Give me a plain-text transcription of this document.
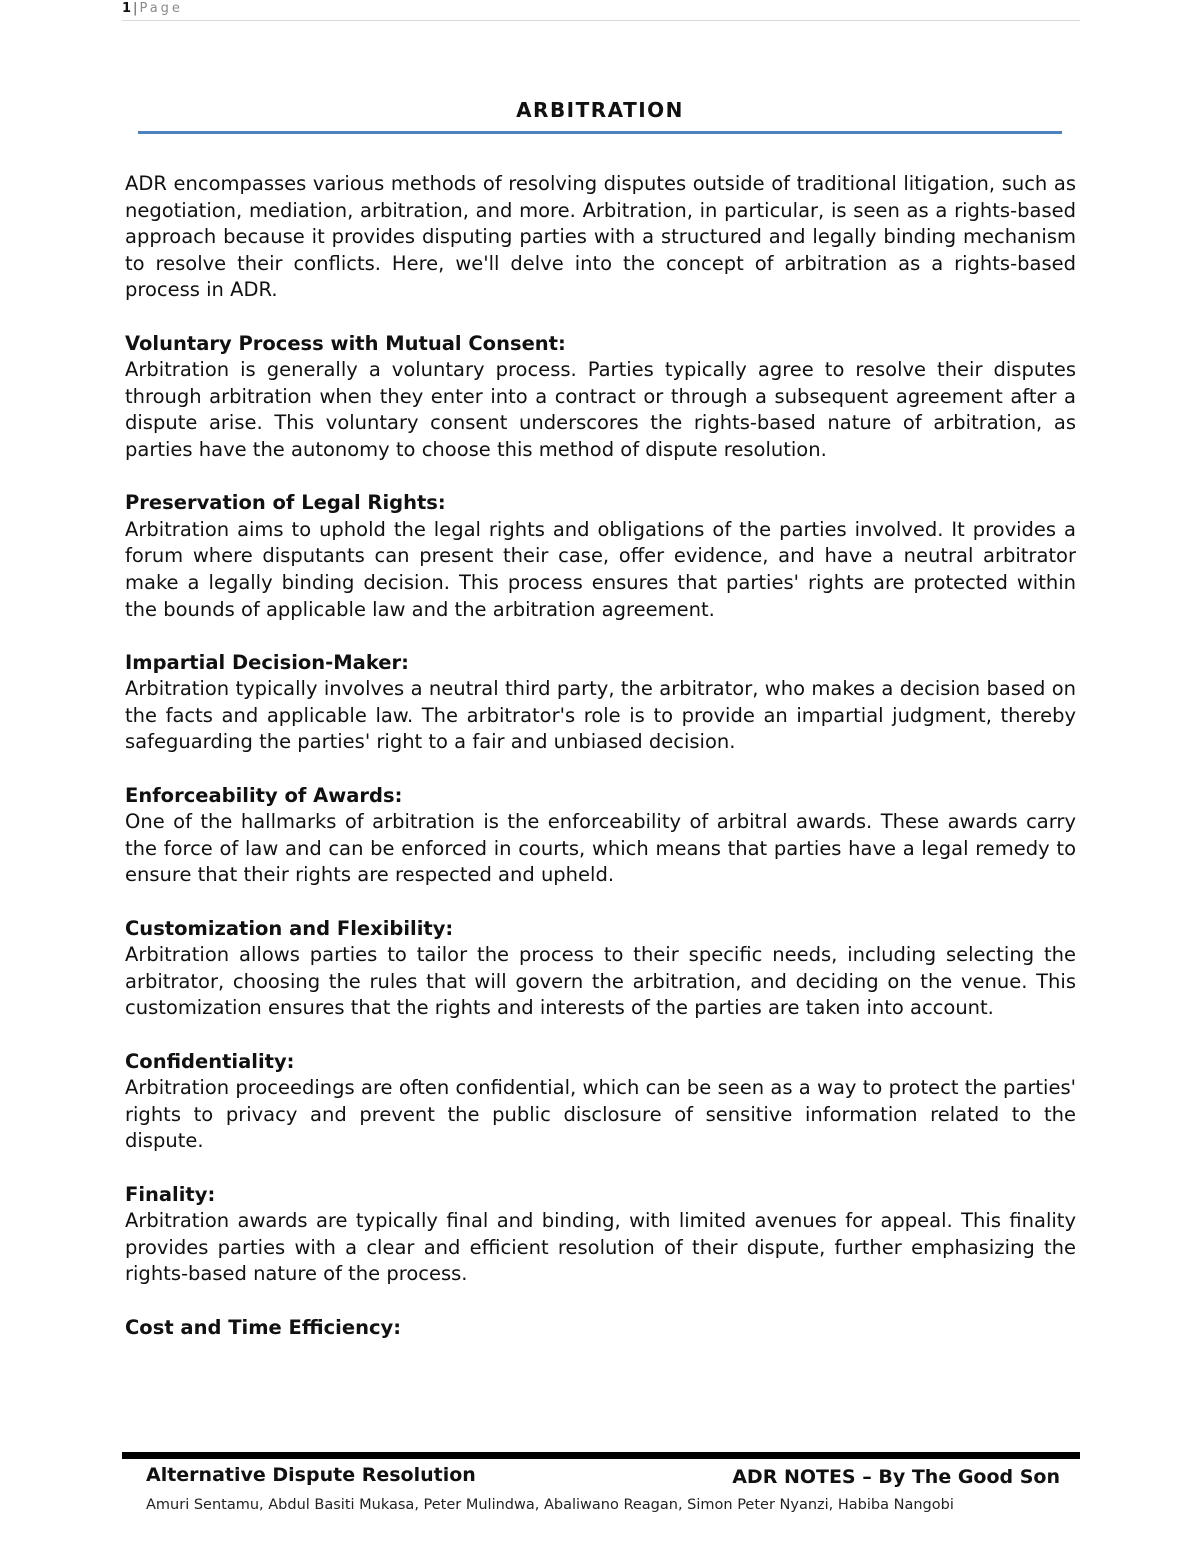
1 | Page
ARBITRATION

ADR encompasses various methods of resolving disputes outside of traditional litigation, such as negotiation, mediation, arbitration, and more. Arbitration, in particular, is seen as a rights-based approach because it provides disputing parties with a structured and legally binding mechanism to resolve their conflicts. Here, we'll delve into the concept of arbitration as a rights-based process in ADR.

Voluntary Process with Mutual Consent:

Arbitration is generally a voluntary process. Parties typically agree to resolve their disputes through arbitration when they enter into a contract or through a subsequent agreement after a dispute arise. This voluntary consent underscores the rights-based nature of arbitration, as parties have the autonomy to choose this method of dispute resolution.

Preservation of Legal Rights:

Arbitration aims to uphold the legal rights and obligations of the parties involved. It provides a forum where disputants can present their case, offer evidence, and have a neutral arbitrator make a legally binding decision. This process ensures that parties' rights are protected within the bounds of applicable law and the arbitration agreement.

Impartial Decision-Maker:

Arbitration typically involves a neutral third party, the arbitrator, who makes a decision based on the facts and applicable law. The arbitrator's role is to provide an impartial judgment, thereby safeguarding the parties' right to a fair and unbiased decision.

Enforceability of Awards:

One of the hallmarks of arbitration is the enforceability of arbitral awards. These awards carry the force of law and can be enforced in courts, which means that parties have a legal remedy to ensure that their rights are respected and upheld.

Customization and Flexibility:

Arbitration allows parties to tailor the process to their specific needs, including selecting the arbitrator, choosing the rules that will govern the arbitration, and deciding on the venue. This customization ensures that the rights and interests of the parties are taken into account.

Confidentiality:

Arbitration proceedings are often confidential, which can be seen as a way to protect the parties' rights to privacy and prevent the public disclosure of sensitive information related to the dispute.

Finality:

Arbitration awards are typically final and binding, with limited avenues for appeal. This finality provides parties with a clear and efficient resolution of their dispute, further emphasizing the rights-based nature of the process.

Cost and Time Efficiency:
Alternative Dispute Resolution	ADR NOTES – By The Good Son
Amuri Sentamu, Abdul Basiti Mukasa, Peter Mulindwa, Abaliwano Reagan, Simon Peter Nyanzi, Habiba Nangobi
